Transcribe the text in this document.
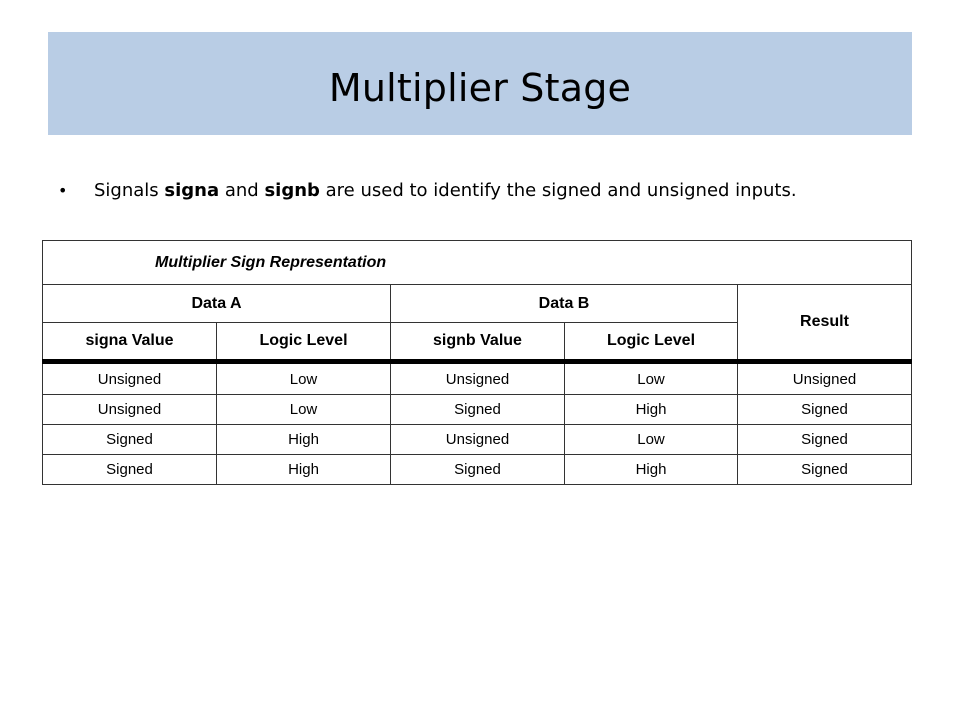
Multiplier Stage
• Signals signa and signb are used to identify the signed and unsigned inputs.
Multiplier Sign Representation				
Data A		Data B		Result
signa Value	Logic Level	signb Value	Logic Level	
Unsigned	Low	Unsigned	Low	Unsigned
Unsigned	Low	Signed	High	Signed
Signed	High	Unsigned	Low	Signed
Signed	High	Signed	High	Signed
